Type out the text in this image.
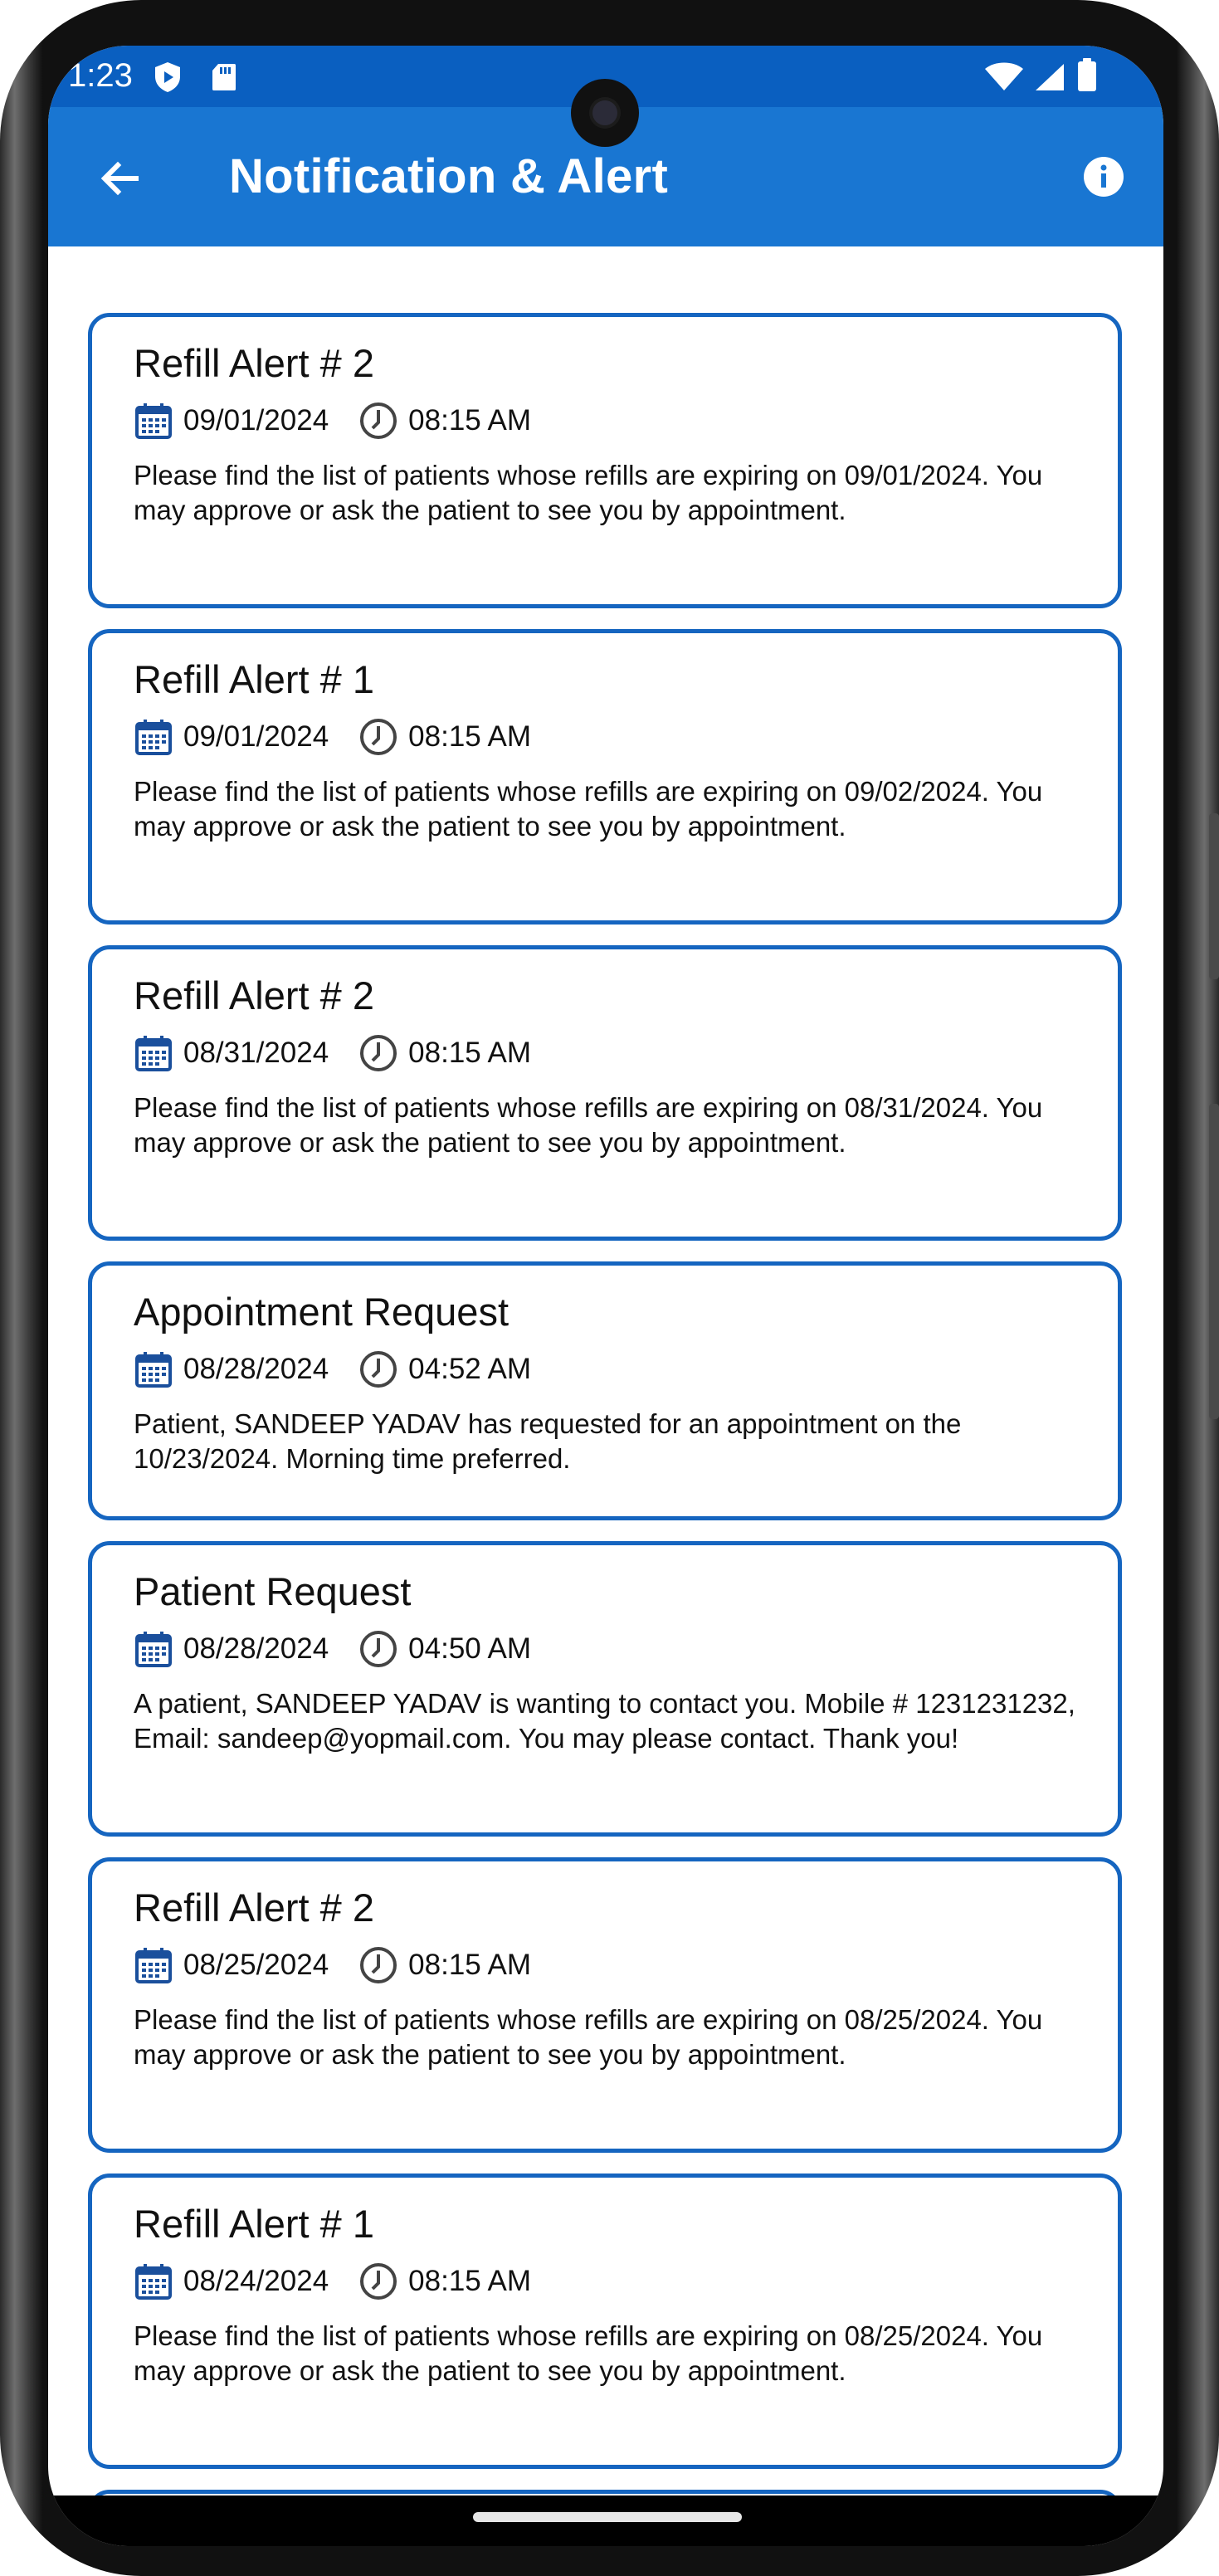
1:23
Notification & Alert
Refill Alert # 2
09/01/2024	08:15 AM
Please find the list of patients whose refills are expiring on 09/01/2024. You may approve or ask the patient to see you by appointment.
Refill Alert # 1
09/01/2024	08:15 AM
Please find the list of patients whose refills are expiring on 09/02/2024. You may approve or ask the patient to see you by appointment.
Refill Alert # 2
08/31/2024	08:15 AM
Please find the list of patients whose refills are expiring on 08/31/2024. You may approve or ask the patient to see you by appointment.
Appointment Request
08/28/2024	04:52 AM
Patient, SANDEEP YADAV has requested for an appointment on the 10/23/2024. Morning time preferred.
Patient Request
08/28/2024	04:50 AM
A patient, SANDEEP YADAV is wanting to contact you. Mobile # 1231231232, Email: sandeep@yopmail.com. You may please contact. Thank you!
Refill Alert # 2
08/25/2024	08:15 AM
Please find the list of patients whose refills are expiring on 08/25/2024. You may approve or ask the patient to see you by appointment.
Refill Alert # 1
08/24/2024	08:15 AM
Please find the list of patients whose refills are expiring on 08/25/2024. You may approve or ask the patient to see you by appointment.
